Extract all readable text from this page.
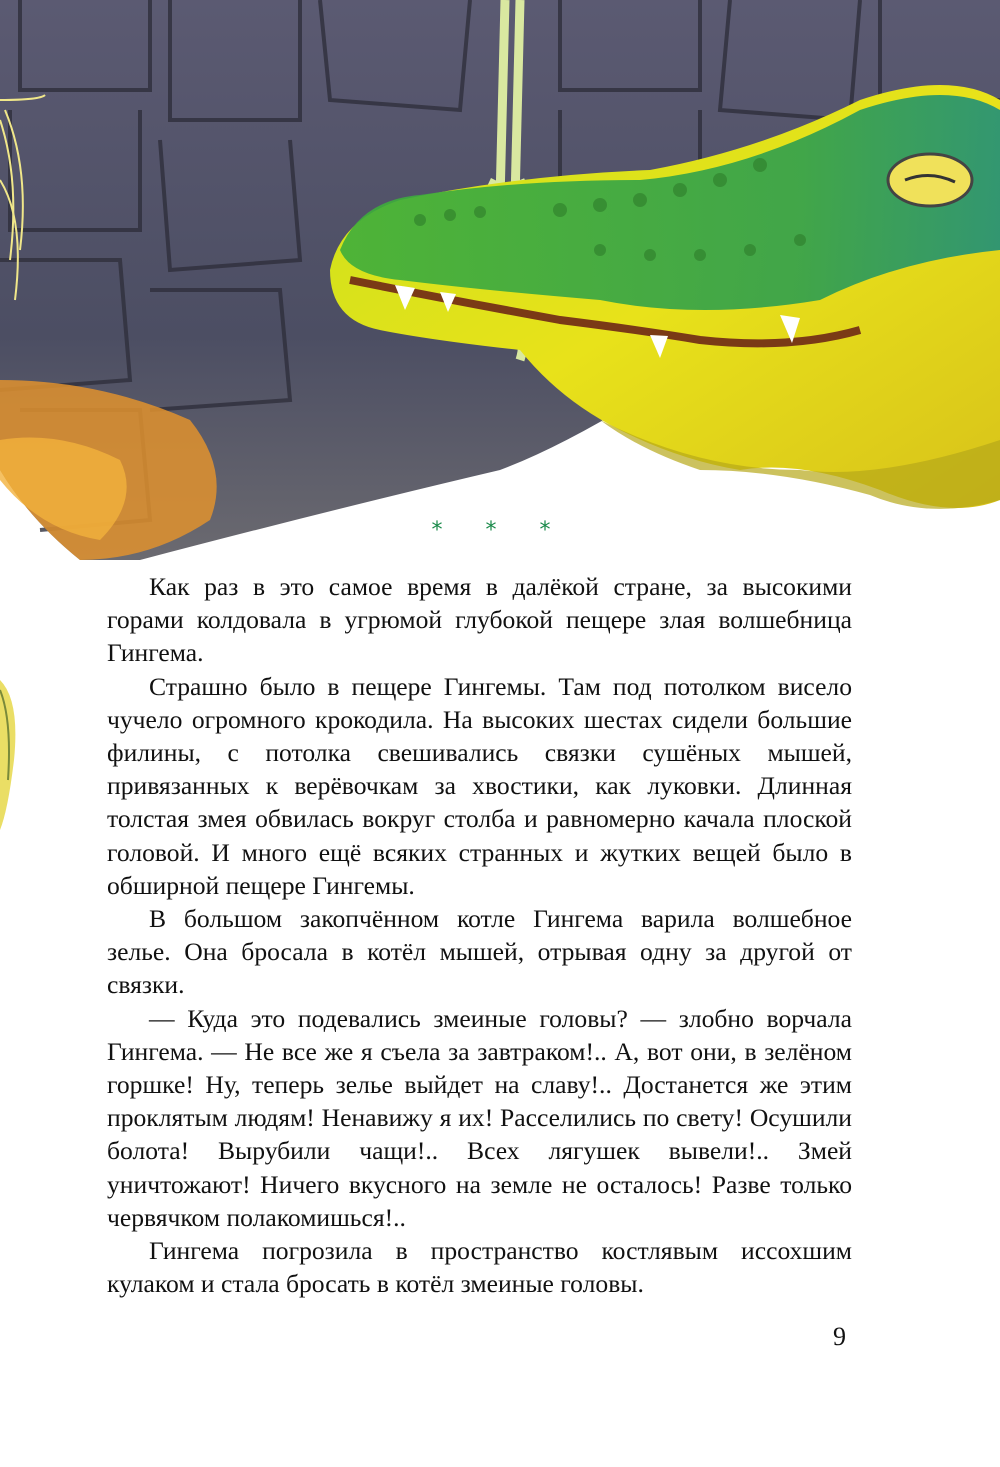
* * *

Как раз в это самое время в далёкой стране, за высокими горами колдовала в угрюмой глубокой пещере злая волшебница Гингема.

Страшно было в пещере Гингемы. Там под потолком висело чучело огромного крокодила. На высоких шестах сидели большие филины, с потолка свешивались связки сушёных мышей, привязанных к верёвочкам за хвостики, как луковки. Длинная толстая змея обвилась вокруг столба и равномерно качала плоской головой. И много ещё всяких странных и жутких вещей было в обширной пещере Гингемы.

В большом закопчённом котле Гингема варила волшебное зелье. Она бросала в котёл мышей, отрывая одну за другой от связки.

— Куда это подевались змеиные головы? — злобно ворчала Гингема. — Не все же я съела за завтраком!.. А, вот они, в зелёном горшке! Ну, теперь зелье выйдет на славу!.. Достанется же этим проклятым людям! Ненавижу я их! Расселились по свету! Осушили болота! Вырубили чащи!.. Всех лягушек вывели!.. Змей уничтожают! Ничего вкусного на земле не осталось! Разве только червячком полакомишься!..

Гингема погрозила в пространство костлявым иссохшим кулаком и стала бросать в котёл змеиные головы.

9
